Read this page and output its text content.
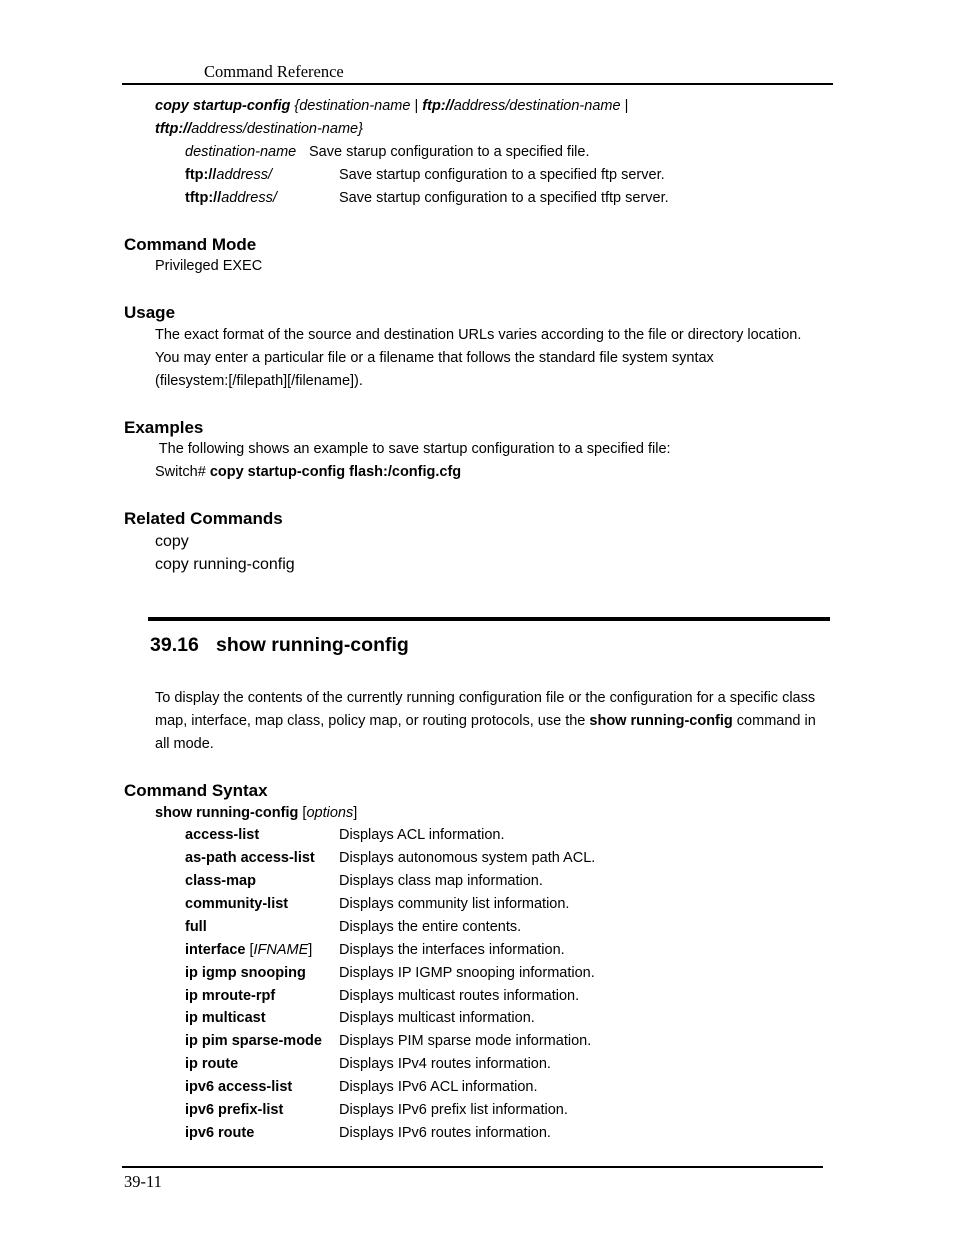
Command Reference
copy startup-config {destination-name | ftp://address/destination-name |
tftp://address/destination-name}
destination-name Save starup configuration to a specified file.
ftp://address/	Save startup configuration to a specified ftp server.
tftp://address/	Save startup configuration to a specified tftp server.
Command Mode
Privileged EXEC
Usage
The exact format of the source and destination URLs varies according to the file or directory location.
You may enter a particular file or a filename that follows the standard file system syntax
(filesystem:[/filepath][/filename]).
Examples
The following shows an example to save startup configuration to a specified file:
Switch# copy startup-config flash:/config.cfg
Related Commands
copy
copy running-config
39.16 show running-config
To display the contents of the currently running configuration file or the configuration for a specific class
map, interface, map class, policy map, or routing protocols, use the show running-config command in
all mode.
Command Syntax
show running-config [options]
access-list	Displays ACL information.
as-path access-list Displays autonomous system path ACL.
class-map	Displays class map information.
community-list	Displays community list information.
full	Displays the entire contents.
interface [IFNAME] Displays the interfaces information.
ip igmp snooping Displays IP IGMP snooping information.
ip mroute-rpf	Displays multicast routes information.
ip multicast	Displays multicast information.
ip pim sparse-mode Displays PIM sparse mode information.
ip route	Displays IPv4 routes information.
ipv6 access-list	Displays IPv6 ACL information.
ipv6 prefix-list	Displays IPv6 prefix list information.
ipv6 route	Displays IPv6 routes information.
39-11
